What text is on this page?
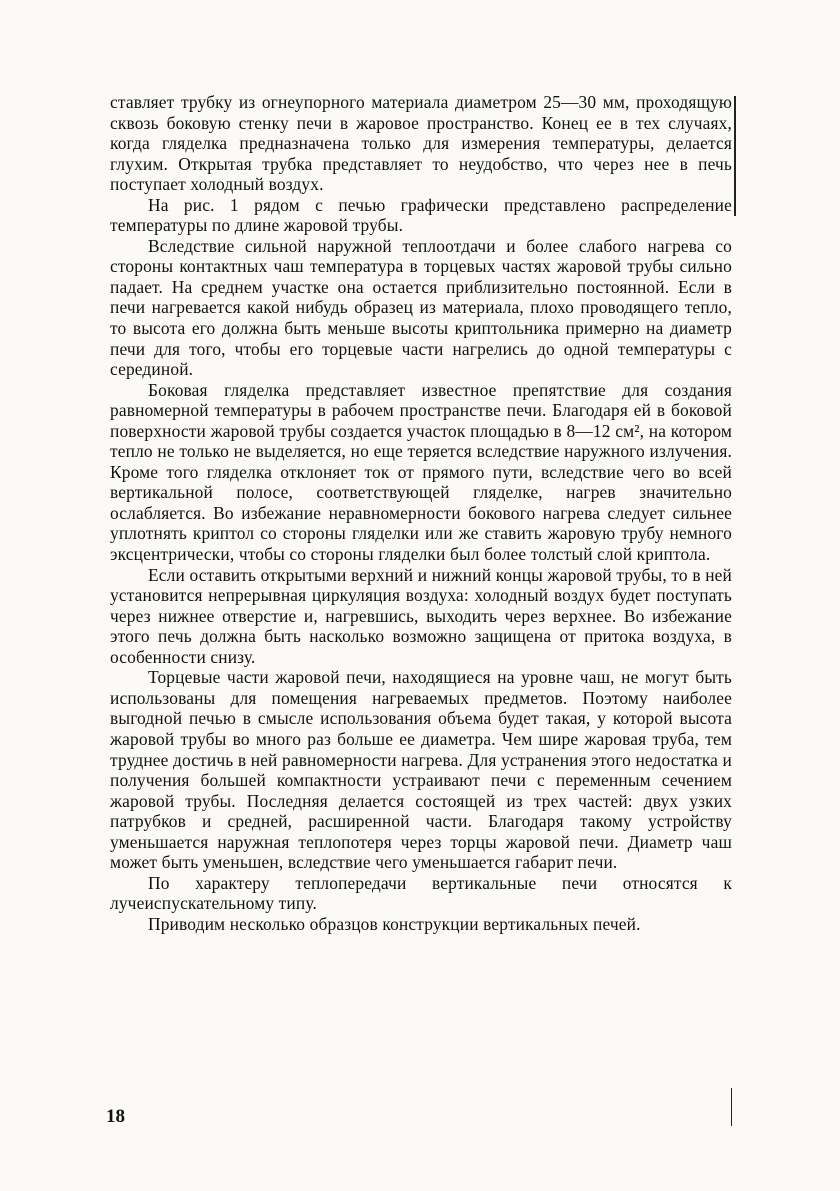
ставляет трубку из огнеупорного материала диаметром 25—30 мм, проходящую сквозь боковую стенку печи в жаровое пространство. Конец ее в тех случаях, когда гляделка предназначена только для измерения температуры, делается глухим. Открытая трубка представляет то неудобство, что через нее в печь поступает холодный воздух.

На рис. 1 рядом с печью графически представлено распределение температуры по длине жаровой трубы.

Вследствие сильной наружной теплоотдачи и более слабого нагрева со стороны контактных чаш температура в торцевых частях жаровой трубы сильно падает. На среднем участке она остается приблизительно постоянной. Если в печи нагревается какой нибудь образец из материала, плохо проводящего тепло, то высота его должна быть меньше высоты криптольника примерно на диаметр печи для того, чтобы его торцевые части нагрелись до одной температуры с серединой.

Боковая гляделка представляет известное препятствие для создания равномерной температуры в рабочем пространстве печи. Благодаря ей в боковой поверхности жаровой трубы создается участок площадью в 8—12 см², на котором тепло не только не выделяется, но еще теряется вследствие наружного излучения. Кроме того гляделка отклоняет ток от прямого пути, вследствие чего во всей вертикальной полосе, соответствующей гляделке, нагрев значительно ослабляется. Во избежание неравномерности бокового нагрева следует сильнее уплотнять криптол со стороны гляделки или же ставить жаровую трубу немного эксцентрически, чтобы со стороны гляделки был более толстый слой криптола.

Если оставить открытыми верхний и нижний концы жаровой трубы, то в ней установится непрерывная циркуляция воздуха: холодный воздух будет поступать через нижнее отверстие и, нагревшись, выходить через верхнее. Во избежание этого печь должна быть насколько возможно защищена от притока воздуха, в особенности снизу.

Торцевые части жаровой печи, находящиеся на уровне чаш, не могут быть использованы для помещения нагреваемых предметов. Поэтому наиболее выгодной печью в смысле использования объема будет такая, у которой высота жаровой трубы во много раз больше ее диаметра. Чем шире жаровая труба, тем труднее достичь в ней равномерности нагрева. Для устранения этого недостатка и получения большей компактности устраивают печи с переменным сечением жаровой трубы. Последняя делается состоящей из трех частей: двух узких патрубков и средней, расширенной части. Благодаря такому устройству уменьшается наружная теплопотеря через торцы жаровой печи. Диаметр чаш может быть уменьшен, вследствие чего уменьшается габарит печи.

По характеру теплопередачи вертикальные печи относятся к лучеиспускательному типу.

Приводим несколько образцов конструкции вертикальных печей.

18
